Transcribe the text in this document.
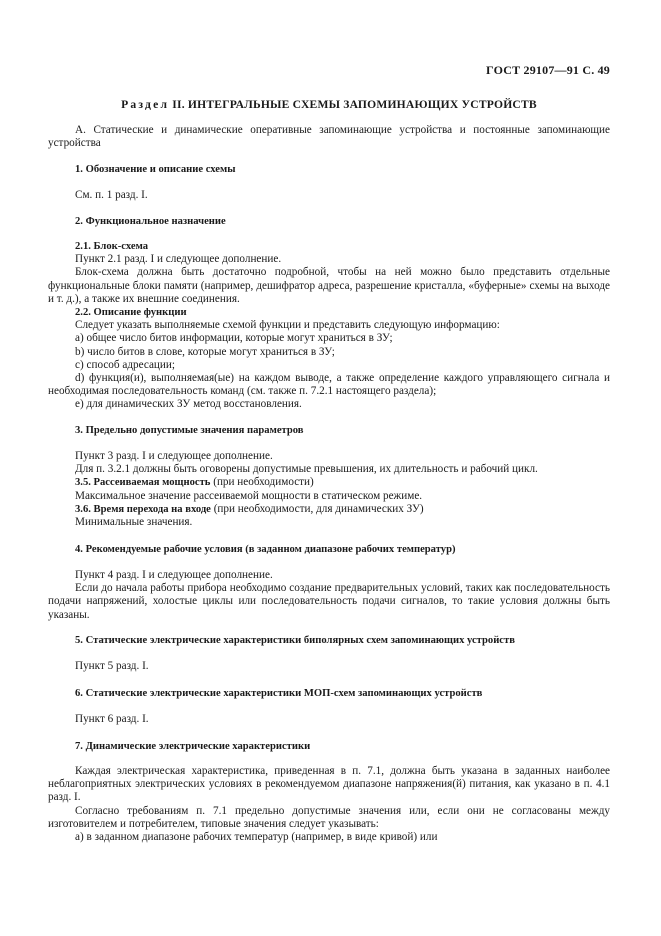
ГОСТ 29107—91 С. 49
Раздел II. ИНТЕГРАЛЬНЫЕ СХЕМЫ ЗАПОМИНАЮЩИХ УСТРОЙСТВ

А. Статические и динамические оперативные запоминающие устройства и постоянные запоминающие устройства

1. Обозначение и описание схемы

См. п. 1 разд. I.

2. Функциональное назначение

2.1. Блок-схема

Пункт 2.1 разд. I и следующее дополнение.

Блок-схема должна быть достаточно подробной, чтобы на ней можно было представить отдельные функциональные блоки памяти (например, дешифратор адреса, разрешение кристалла, «буферные» схемы на выходе и т. д.), а также их внешние соединения.

2.2. Описание функции

Следует указать выполняемые схемой функции и представить следующую информацию:

a) общее число битов информации, которые могут храниться в ЗУ;

b) число битов в слове, которые могут храниться в ЗУ;

c) способ адресации;

d) функция(и), выполняемая(ые) на каждом выводе, а также определение каждого управляющего сигнала и необходимая последовательность команд (см. также п. 7.2.1 настоящего раздела);

e) для динамических ЗУ метод восстановления.

3. Предельно допустимые значения параметров

Пункт 3 разд. I и следующее дополнение.

Для п. 3.2.1 должны быть оговорены допустимые превышения, их длительность и рабочий цикл.

3.5. Рассеиваемая мощность (при необходимости)

Максимальное значение рассеиваемой мощности в статическом режиме.

3.6. Время перехода на входе (при необходимости, для динамических ЗУ)

Минимальные значения.

4. Рекомендуемые рабочие условия (в заданном диапазоне рабочих температур)

Пункт 4 разд. I и следующее дополнение.

Если до начала работы прибора необходимо создание предварительных условий, таких как последовательность подачи напряжений, холостые циклы или последовательность подачи сигналов, то такие условия должны быть указаны.

5. Статические электрические характеристики биполярных схем запоминающих устройств

Пункт 5 разд. I.

6. Статические электрические характеристики МОП-схем запоминающих устройств

Пункт 6 разд. I.

7. Динамические электрические характеристики

Каждая электрическая характеристика, приведенная в п. 7.1, должна быть указана в заданных наиболее неблагоприятных электрических условиях в рекомендуемом диапазоне напряжения(й) питания, как указано в п. 4.1 разд. I.

Согласно требованиям п. 7.1 предельно допустимые значения или, если они не согласованы между изготовителем и потребителем, типовые значения следует указывать:

a) в заданном диапазоне рабочих температур (например, в виде кривой) или
